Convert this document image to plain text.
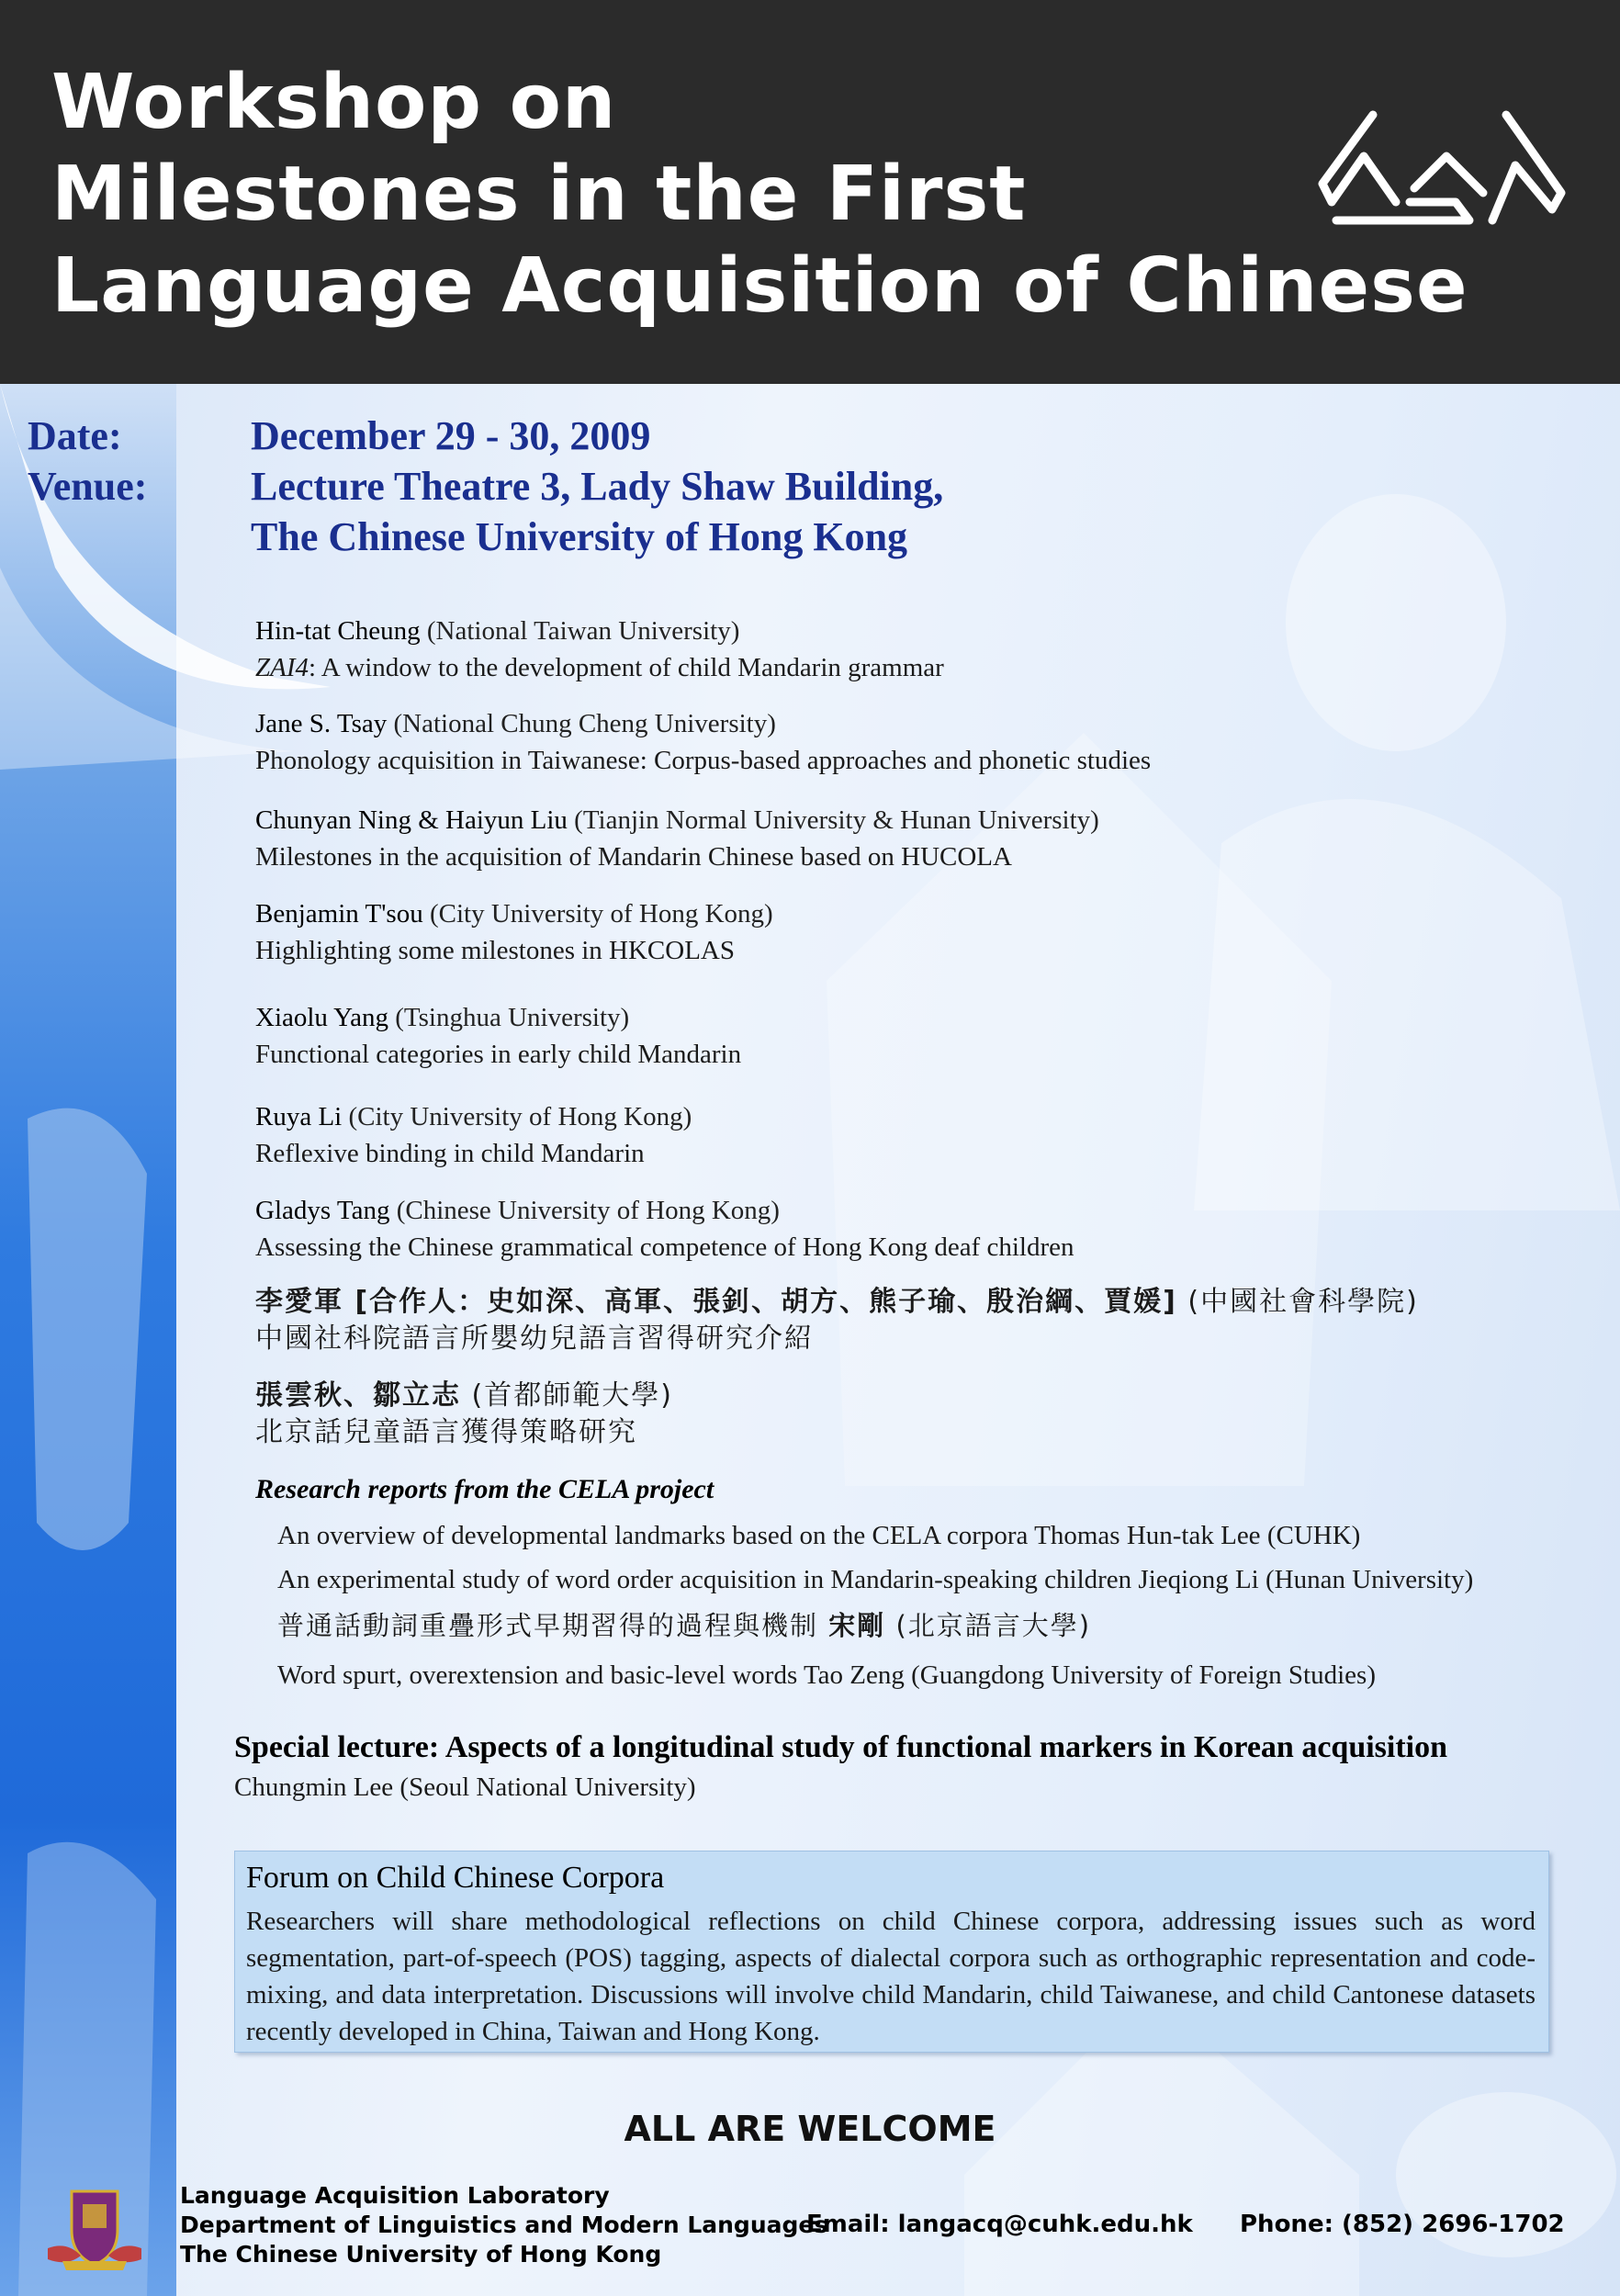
Workshop on
Milestones in the First
Language Acquisition of Chinese
Date:
Venue:
December 29 - 30, 2009
Lecture Theatre 3, Lady Shaw Building,
The Chinese University of Hong Kong
Hin-tat Cheung (National Taiwan University)
ZAI4: A window to the development of child Mandarin grammar
Jane S. Tsay (National Chung Cheng University)
Phonology acquisition in Taiwanese: Corpus-based approaches and phonetic studies
Chunyan Ning & Haiyun Liu (Tianjin Normal University & Hunan University)
Milestones in the acquisition of Mandarin Chinese based on HUCOLA
Benjamin T'sou (City University of Hong Kong)
Highlighting some milestones in HKCOLAS
Xiaolu Yang (Tsinghua University)
Functional categories in early child Mandarin
Ruya Li (City University of Hong Kong)
Reflexive binding in child Mandarin
Gladys Tang (Chinese University of Hong Kong)
Assessing the Chinese grammatical competence of Hong Kong deaf children
李愛軍 [合作人：史如深、高軍、張釗、胡方、熊子瑜、殷治綱、賈媛] (中國社會科學院)
中國社科院語言所嬰幼兒語言習得研究介紹
張雲秋、鄒立志 (首都師範大學)
北京話兒童語言獲得策略研究
Research reports from the CELA project
An overview of developmental landmarks based on the CELA corpora Thomas Hun-tak Lee (CUHK)
An experimental study of word order acquisition in Mandarin-speaking children Jieqiong Li (Hunan University)
普通話動詞重疊形式早期習得的過程與機制 宋剛 (北京語言大學)
Word spurt, overextension and basic-level words Tao Zeng (Guangdong University of Foreign Studies)
Special lecture: Aspects of a longitudinal study of functional markers in Korean acquisition
Chungmin Lee (Seoul National University)
Forum on Child Chinese Corpora
Researchers will share methodological reflections on child Chinese corpora, addressing issues such as word segmentation, part-of-speech (POS) tagging, aspects of dialectal corpora such as orthographic representation and code-mixing, and data interpretation. Discussions will involve child Mandarin, child Taiwanese, and child Cantonese datasets recently developed in China, Taiwan and Hong Kong.
ALL ARE WELCOME
Language Acquisition Laboratory
Department of Linguistics and Modern Languages
The Chinese University of Hong Kong
Email: langacq@cuhk.edu.hk Phone: (852) 2696-1702
